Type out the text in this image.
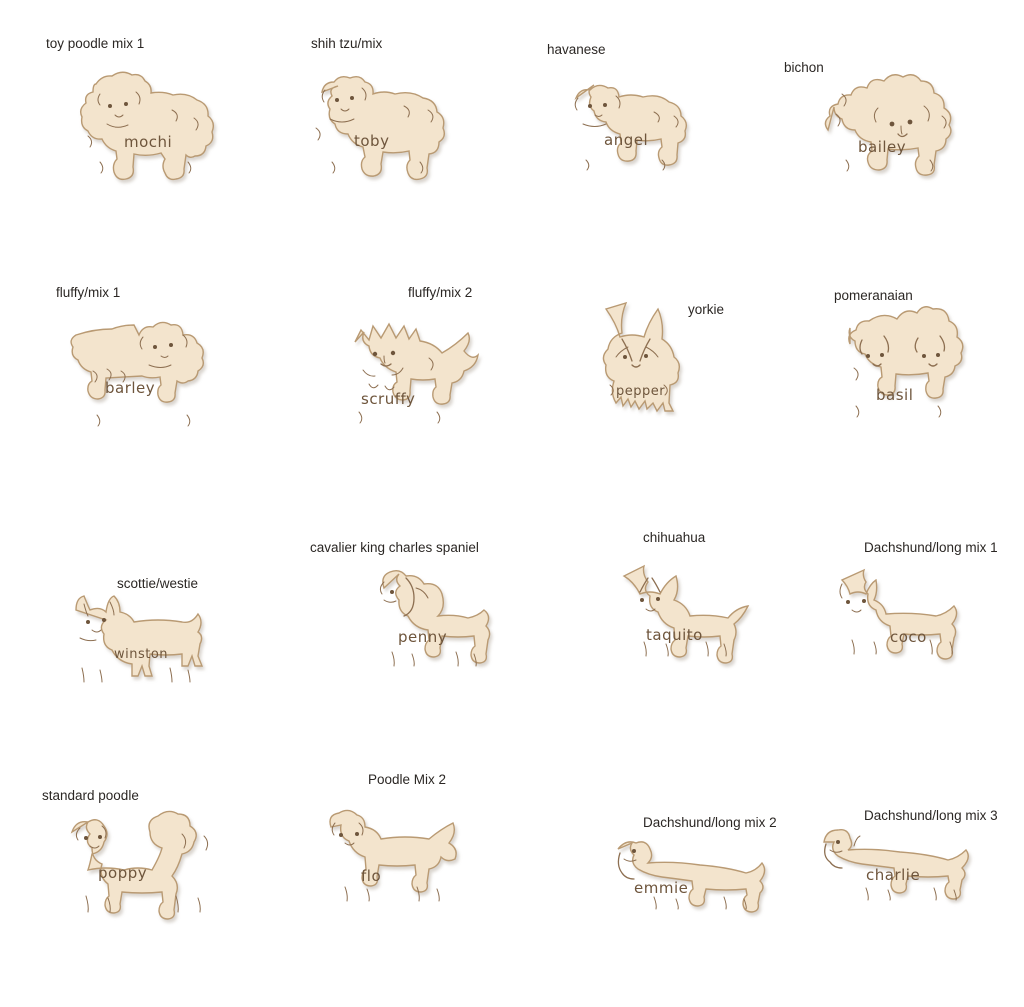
toy poodle mix 1
mochi
shih tzu/mix
toby
havanese
angel
bichon
bailey
fluffy/mix 1
barley
fluffy/mix 2
scruffy
yorkie
pepper
pomeranaian
basil
scottie/westie
winston
cavalier king charles spaniel
penny
chihuahua
taquito
Dachshund/long mix 1
coco
standard poodle
poppy
Poodle Mix 2
flo
Dachshund/long mix 2
emmie
Dachshund/long mix 3
charlie
